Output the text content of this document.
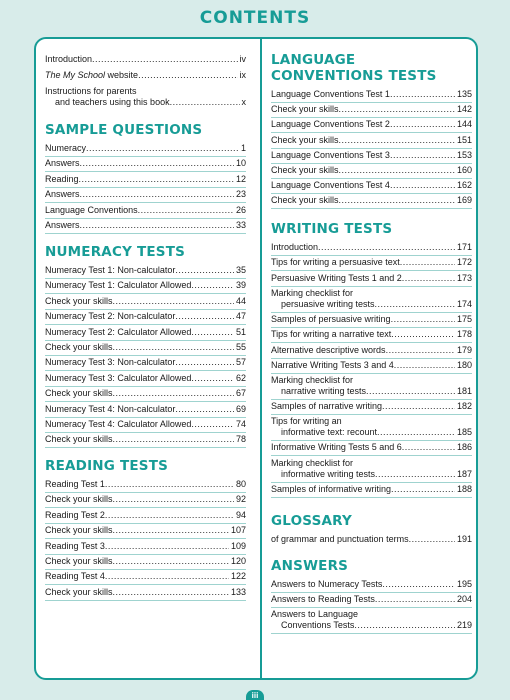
CONTENTS
Introduction .....	iv
The My School website .....	ix
Instructions for parents
and teachers using this book .....	x
SAMPLE QUESTIONS
Numeracy .....	1
Answers .....	10
Reading .....	12
Answers .....	23
Language Conventions .....	26
Answers .....	33
NUMERACY TESTS
Numeracy Test 1: Non-calculator .....	35
Numeracy Test 1: Calculator Allowed .....	39
Check your skills .....	44
Numeracy Test 2: Non-calculator .....	47
Numeracy Test 2: Calculator Allowed .....	51
Check your skills .....	55
Numeracy Test 3: Non-calculator .....	57
Numeracy Test 3: Calculator Allowed .....	62
Check your skills .....	67
Numeracy Test 4: Non-calculator .....	69
Numeracy Test 4: Calculator Allowed .....	74
Check your skills .....	78
READING TESTS
Reading Test 1 .....	80
Check your skills .....	92
Reading Test 2 .....	94
Check your skills .....	107
Reading Test 3 .....	109
Check your skills .....	120
Reading Test 4 .....	122
Check your skills .....	133
LANGUAGE
CONVENTIONS TESTS
Language Conventions Test 1 .....	135
Check your skills .....	142
Language Conventions Test 2 .....	144
Check your skills .....	151
Language Conventions Test 3 .....	153
Check your skills .....	160
Language Conventions Test 4 .....	162
Check your skills .....	169
WRITING TESTS
Introduction .....	171
Tips for writing a persuasive text .....	172
Persuasive Writing Tests 1 and 2 .....	173
Marking checklist for
persuasive writing tests .....	174
Samples of persuasive writing .....	175
Tips for writing a narrative text .....	178
Alternative descriptive words .....	179
Narrative Writing Tests 3 and 4 .....	180
Marking checklist for
narrative writing tests .....	181
Samples of narrative writing .....	182
Tips for writing an
informative text: recount .....	185
Informative Writing Tests 5 and 6 .....	186
Marking checklist for
informative writing tests .....	187
Samples of informative writing .....	188
GLOSSARY
of grammar and punctuation terms .....	191
ANSWERS
Answers to Numeracy Tests .....	195
Answers to Reading Tests .....	204
Answers to Language
Conventions Tests .....	219
iii
